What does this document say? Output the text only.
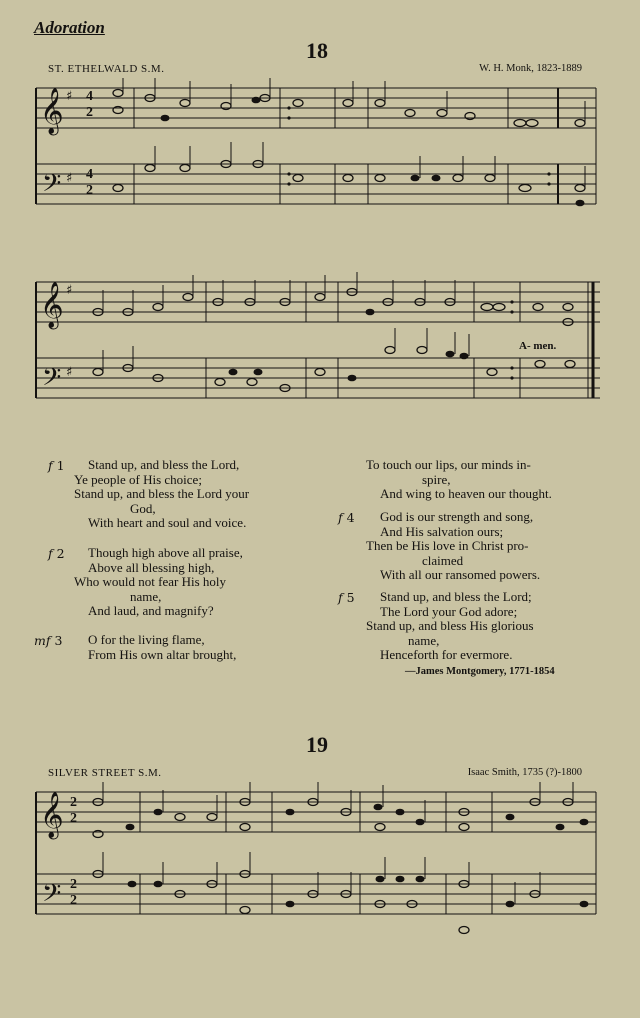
Adoration
18
ST. ETHELWALD S.M.	W. H. Monk, 1823-1889
𝄞
𝄢
♯
♯
4
2
4
2
𝄞
𝄢
♯
♯
A- men.
f 1	Stand up, and bless the Lord,
Ye people of His choice;
Stand up, and bless the Lord your
God,
With heart and soul and voice.
f 2	Though high above all praise,
Above all blessing high,
Who would not fear His holy
name,
And laud, and magnify?
mf 3 O for the living flame,
From His own altar brought,
To touch our lips, our minds in-
spire,
And wing to heaven our thought.
f 4	God is our strength and song,
And His salvation ours;
Then be His love in Christ pro-
claimed
With all our ransomed powers.
f 5	Stand up, and bless the Lord;
The Lord your God adore;
Stand up, and bless His glorious
name,
Henceforth for evermore.
—James Montgomery, 1771-1854
19
SILVER STREET S.M.	Isaac Smith, 1735 (?)-1800
𝄞
𝄢
2
2
2
2
